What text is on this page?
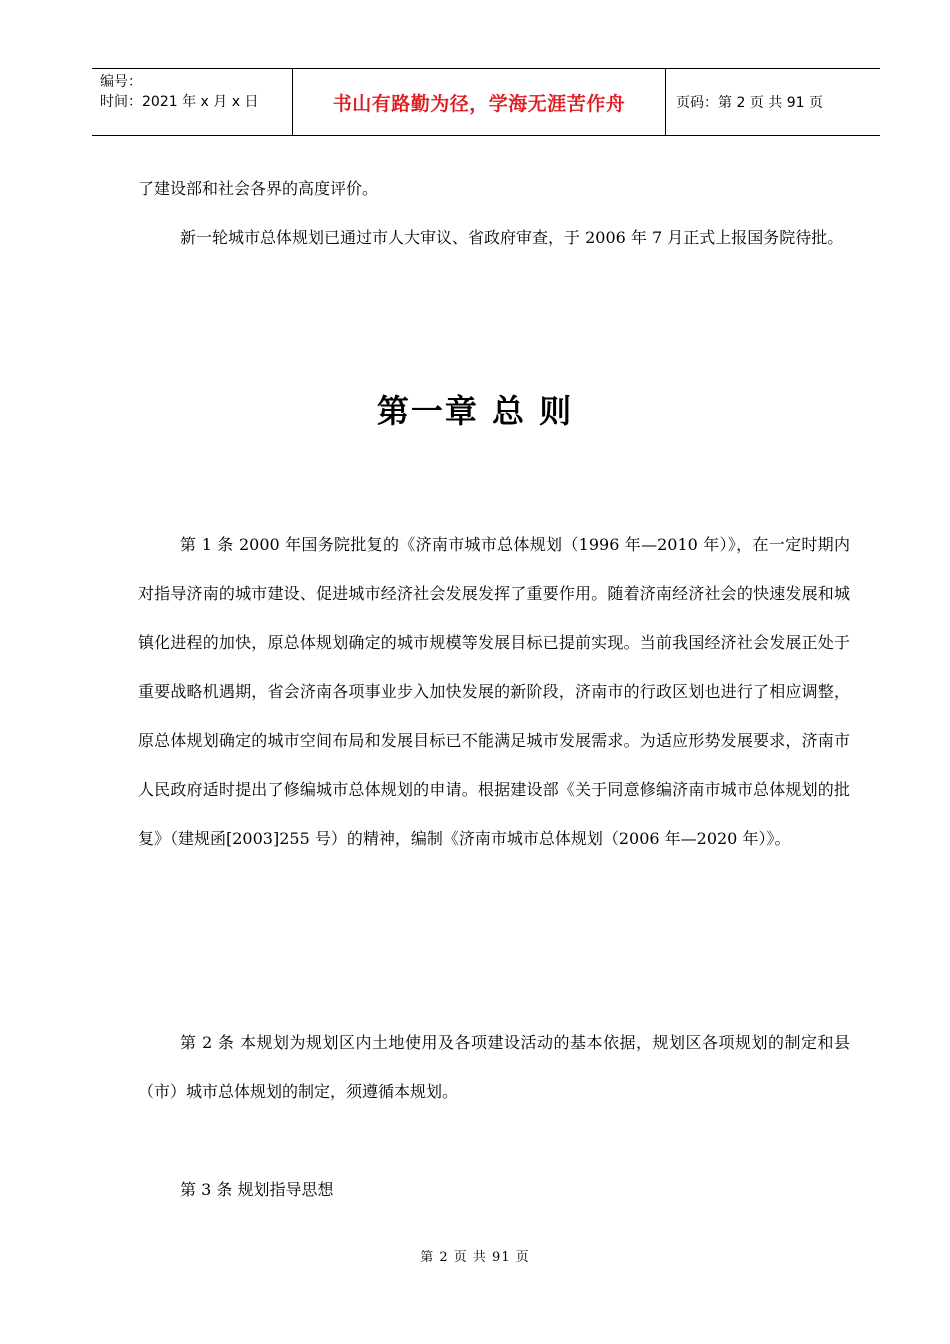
编号：
时间：2021 年 x 月 x 日	书山有路勤为径，学海无涯苦作舟	页码：第 2 页 共 91 页

了建设部和社会各界的高度评价。

新一轮城市总体规划已通过市人大审议、省政府审查，于 2006 年 7 月正式上报国务院待批。

第一章 总 则

第 1 条 2000 年国务院批复的《济南市城市总体规划（1996 年—2010 年）》，在一定时期内对指导济南的城市建设、促进城市经济社会发展发挥了重要作用。随着济南经济社会的快速发展和城镇化进程的加快，原总体规划确定的城市规模等发展目标已提前实现。当前我国经济社会发展正处于重要战略机遇期，省会济南各项事业步入加快发展的新阶段，济南市的行政区划也进行了相应调整，原总体规划确定的城市空间布局和发展目标已不能满足城市发展需求。为适应形势发展要求，济南市人民政府适时提出了修编城市总体规划的申请。根据建设部《关于同意修编济南市城市总体规划的批复》（建规函[2003]255 号）的精神，编制《济南市城市总体规划（2006 年—2020 年）》。

第 2 条 本规划为规划区内土地使用及各项建设活动的基本依据，规划区各项规划的制定和县（市）城市总体规划的制定，须遵循本规划。

第 3 条 规划指导思想

第 2 页 共 91 页
